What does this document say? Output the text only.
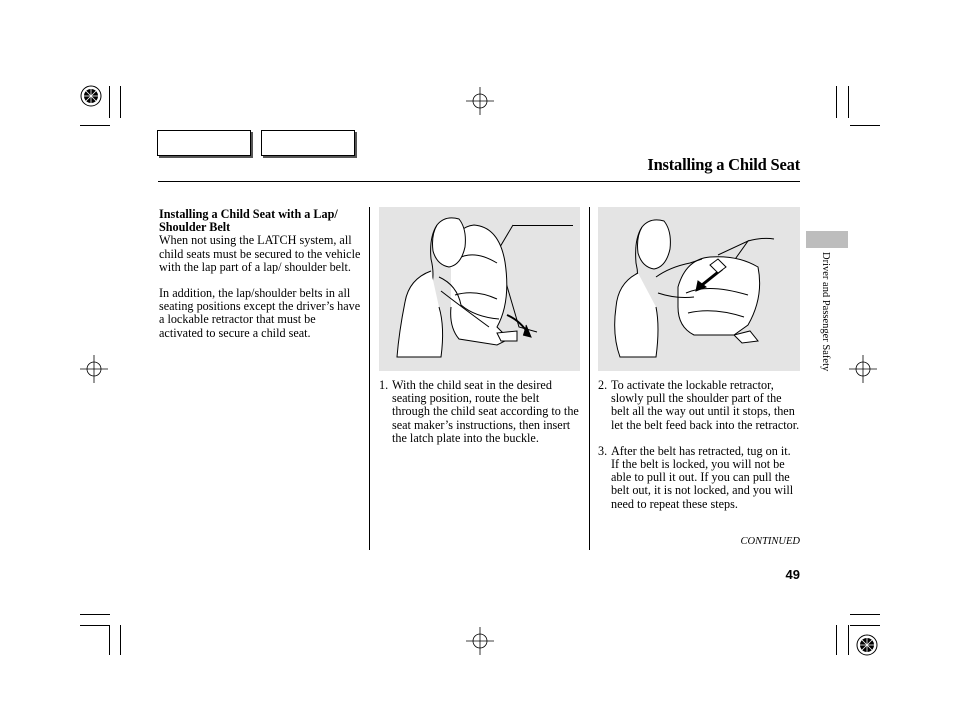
Installing a Child Seat

Installing a Child Seat with a Lap/ Shoulder Belt

When not using the LATCH system, all child seats must be secured to the vehicle with the lap part of a lap/ shoulder belt.

In addition, the lap/shoulder belts in all seating positions except the driver’s have a lockable retractor that must be activated to secure a child seat.

1. With the child seat in the desired seating position, route the belt through the child seat according to the seat maker’s instructions, then insert the latch plate into the buckle.
2. To activate the lockable retractor, slowly pull the shoulder part of the belt all the way out until it stops, then let the belt feed back into the retractor.
3. After the belt has retracted, tug on it. If the belt is locked, you will not be able to pull it out. If you can pull the belt out, it is not locked, and you will need to repeat these steps.
Driver and Passenger Safety
CONTINUED
49
